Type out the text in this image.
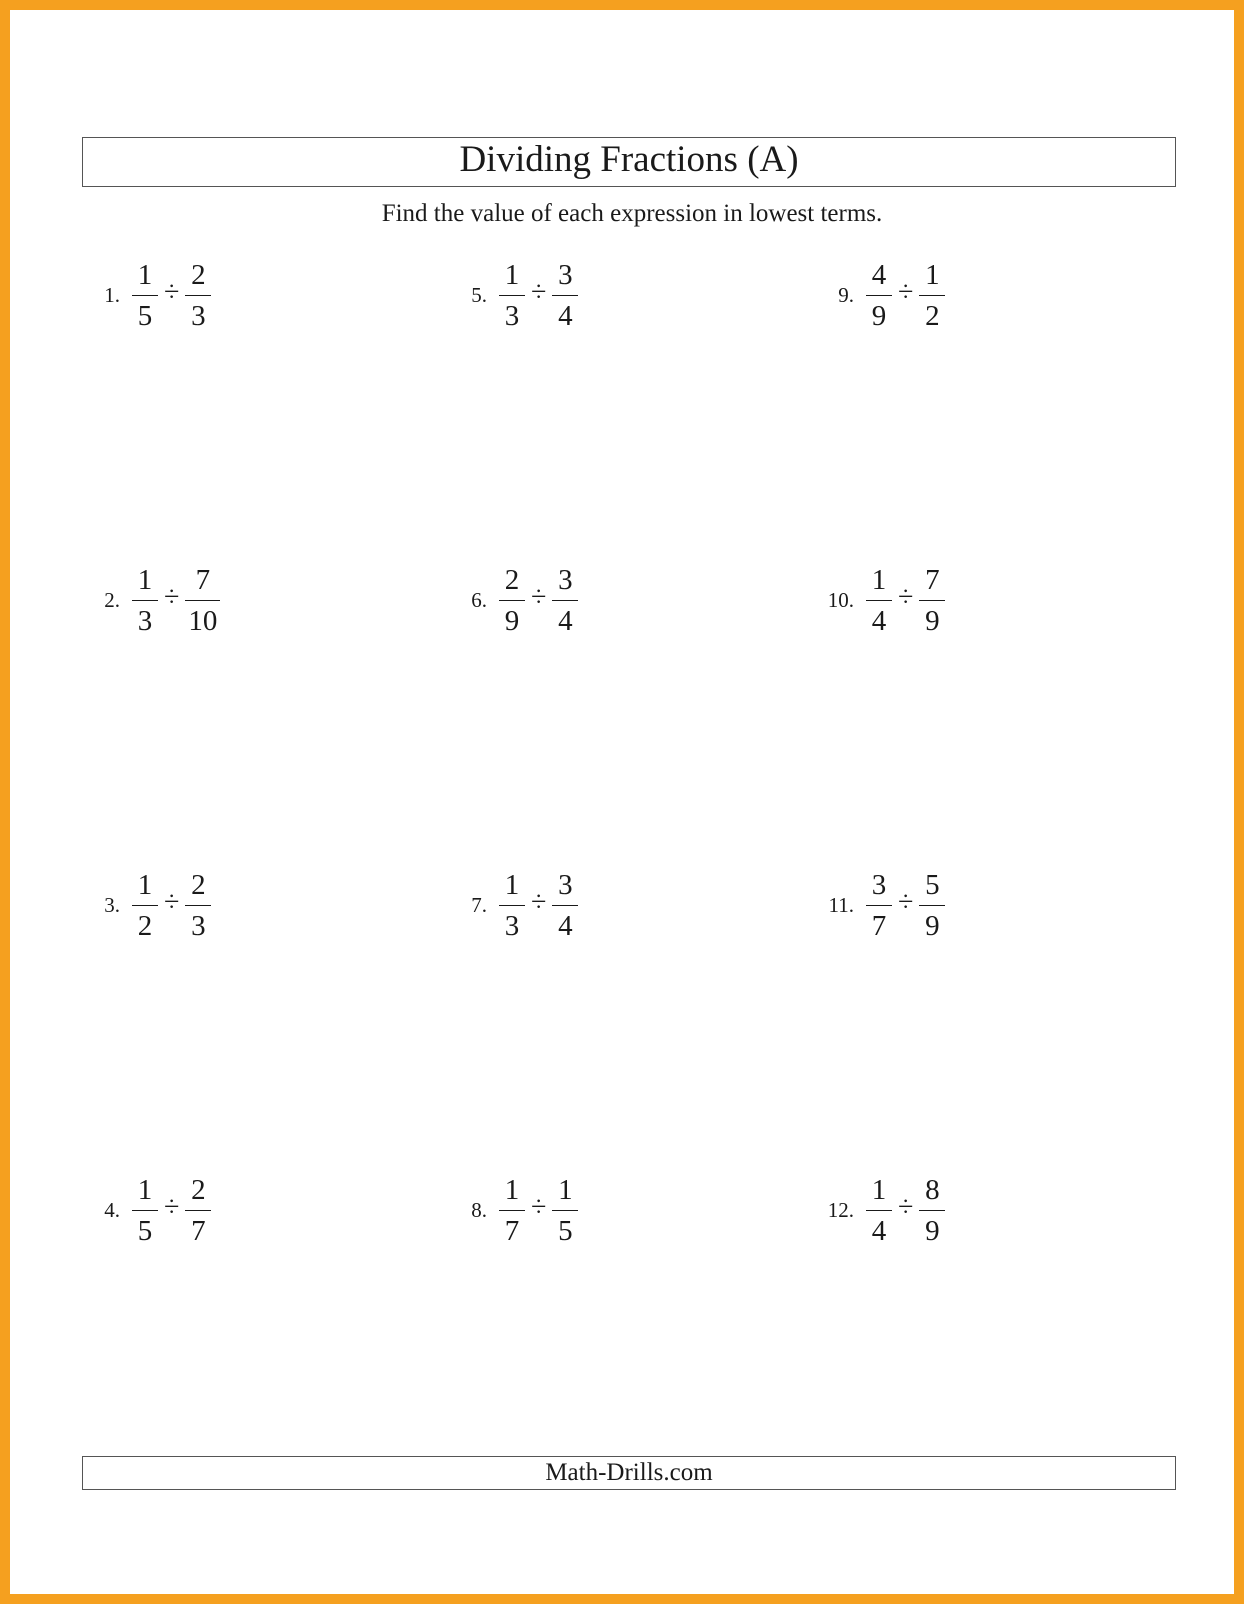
Dividing Fractions (A)
Find the value of each expression in lowest terms.
1. $\frac{1}{5} \div \frac{2}{3}$
2. $\frac{1}{3} \div \frac{7}{10}$
3. $\frac{1}{2} \div \frac{2}{3}$
4. $\frac{1}{5} \div \frac{2}{7}$
5. $\frac{1}{3} \div \frac{3}{4}$
6. $\frac{2}{9} \div \frac{3}{4}$
7. $\frac{1}{3} \div \frac{3}{4}$
8. $\frac{1}{7} \div \frac{1}{5}$
9. $\frac{4}{9} \div \frac{1}{2}$
10. $\frac{1}{4} \div \frac{7}{9}$
11. $\frac{3}{7} \div \frac{5}{9}$
12. $\frac{1}{4} \div \frac{8}{9}$
Math-Drills.com
